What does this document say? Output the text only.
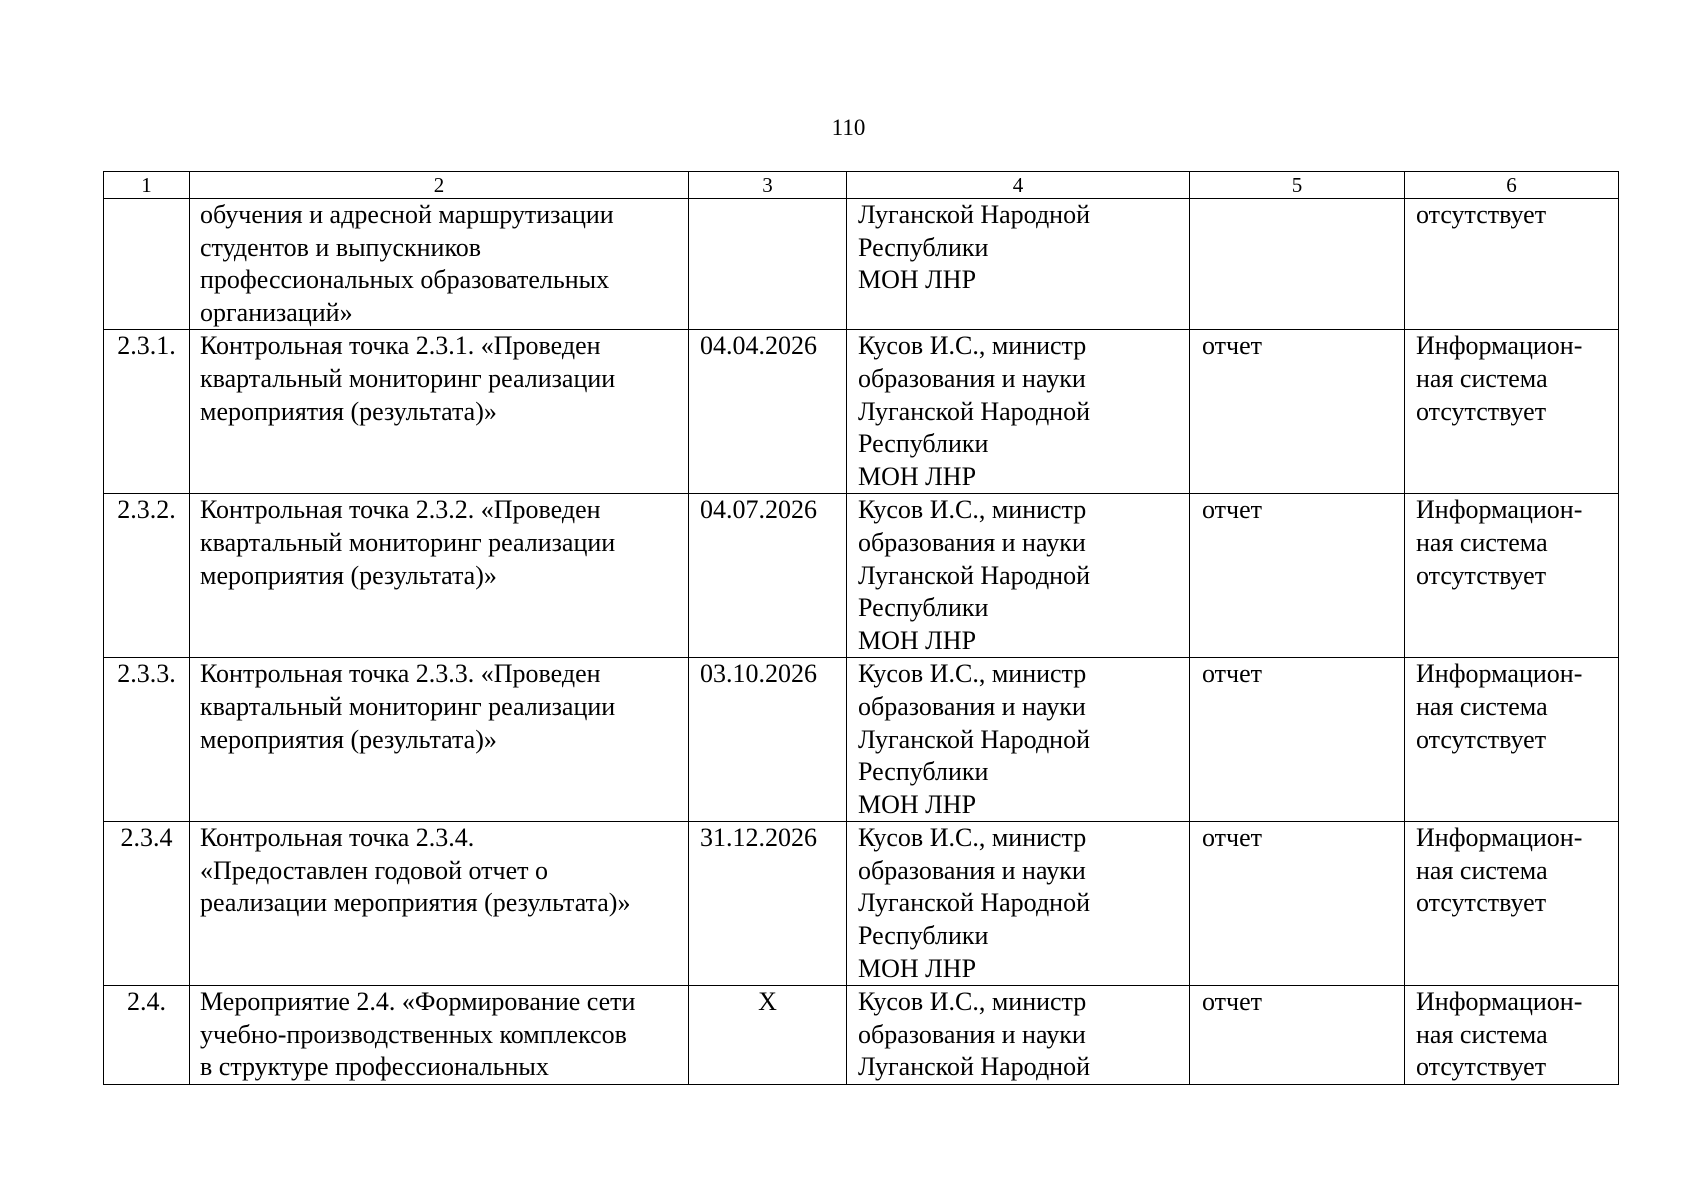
110
1	2	3	4	5	6
	обучения и адресной маршрутизации
студентов и выпускников
профессиональных образовательных
организаций»		Луганской Народной
Республики
МОН ЛНР		отсутствует
2.3.1.	Контрольная точка 2.3.1. «Проведен
квартальный мониторинг реализации
мероприятия (результата)»	04.04.2026	Кусов И.С., министр
образования и науки
Луганской Народной
Республики
МОН ЛНР	отчет	Информацион-
ная система
отсутствует
2.3.2.	Контрольная точка 2.3.2. «Проведен
квартальный мониторинг реализации
мероприятия (результата)»	04.07.2026	Кусов И.С., министр
образования и науки
Луганской Народной
Республики
МОН ЛНР	отчет	Информацион-
ная система
отсутствует
2.3.3.	Контрольная точка 2.3.3. «Проведен
квартальный мониторинг реализации
мероприятия (результата)»	03.10.2026	Кусов И.С., министр
образования и науки
Луганской Народной
Республики
МОН ЛНР	отчет	Информацион-
ная система
отсутствует
2.3.4	Контрольная точка 2.3.4.
«Предоставлен годовой отчет о
реализации мероприятия (результата)»	31.12.2026	Кусов И.С., министр
образования и науки
Луганской Народной
Республики
МОН ЛНР	отчет	Информацион-
ная система
отсутствует
2.4.	Мероприятие 2.4. «Формирование сети
учебно-производственных комплексов
в структуре профессиональных	Х	Кусов И.С., министр
образования и науки
Луганской Народной	отчет	Информацион-
ная система
отсутствует
